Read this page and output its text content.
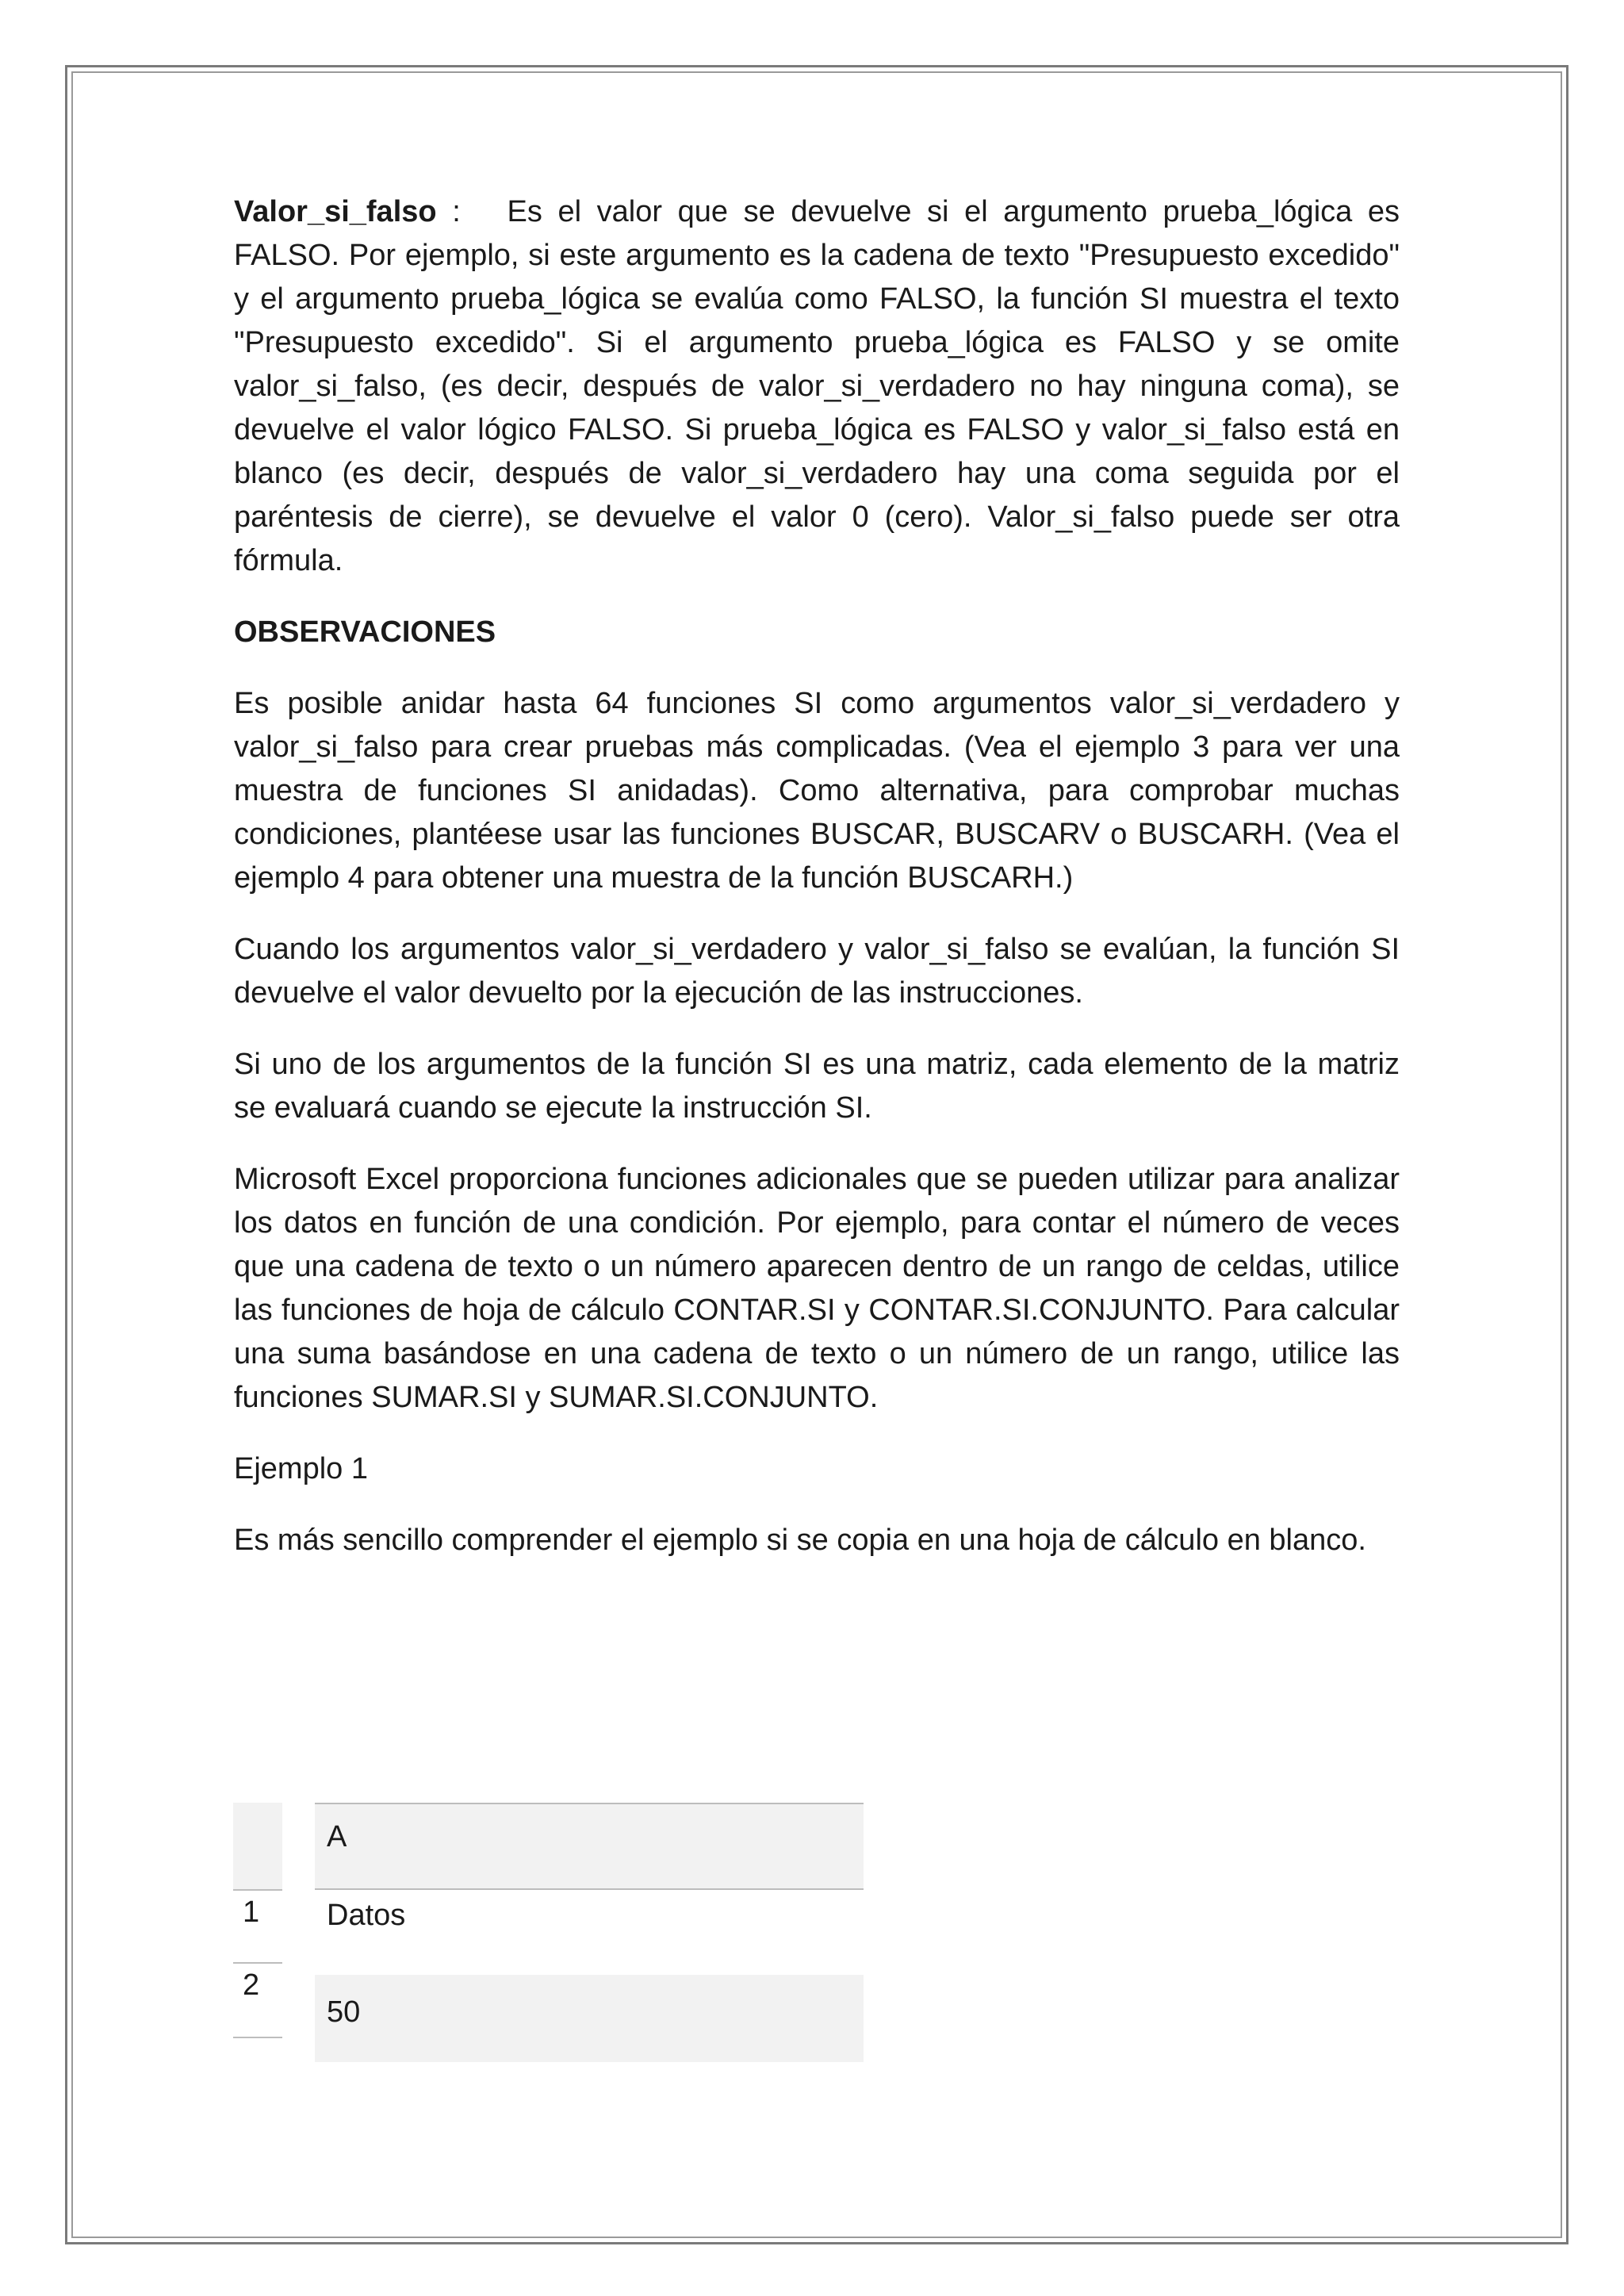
Valor_si_falso :   Es el valor que se devuelve si el argumento prueba_lógica es FALSO. Por ejemplo, si este argumento es la cadena de texto "Presupuesto excedido" y el argumento prueba_lógica se evalúa como FALSO, la función SI muestra el texto "Presupuesto excedido". Si el argumento prueba_lógica es FALSO y se omite valor_si_falso, (es decir, después de valor_si_verdadero no hay ninguna coma), se devuelve el valor lógico FALSO. Si prueba_lógica es FALSO y valor_si_falso está en blanco (es decir, después de valor_si_verdadero hay una coma seguida por el paréntesis de cierre), se devuelve el valor 0 (cero). Valor_si_falso puede ser otra fórmula.

OBSERVACIONES

Es posible anidar hasta 64 funciones SI como argumentos valor_si_verdadero y valor_si_falso para crear pruebas más complicadas. (Vea el ejemplo 3 para ver una muestra de funciones SI anidadas). Como alternativa, para comprobar muchas condiciones, plantéese usar las funciones BUSCAR, BUSCARV o BUSCARH. (Vea el ejemplo 4 para obtener una muestra de la función BUSCARH.)

Cuando los argumentos valor_si_verdadero y valor_si_falso se evalúan, la función SI devuelve el valor devuelto por la ejecución de las instrucciones.

Si uno de los argumentos de la función SI es una matriz, cada elemento de la matriz se evaluará cuando se ejecute la instrucción SI.

Microsoft Excel proporciona funciones adicionales que se pueden utilizar para analizar los datos en función de una condición. Por ejemplo, para contar el número de veces que una cadena de texto o un número aparecen dentro de un rango de celdas, utilice las funciones de hoja de cálculo CONTAR.SI y CONTAR.SI.CONJUNTO. Para calcular una suma basándose en una cadena de texto o un número de un rango, utilice las funciones SUMAR.SI y SUMAR.SI.CONJUNTO.

Ejemplo 1

Es más sencillo comprender el ejemplo si se copia en una hoja de cálculo en blanco.

A
1	Datos
2
50
